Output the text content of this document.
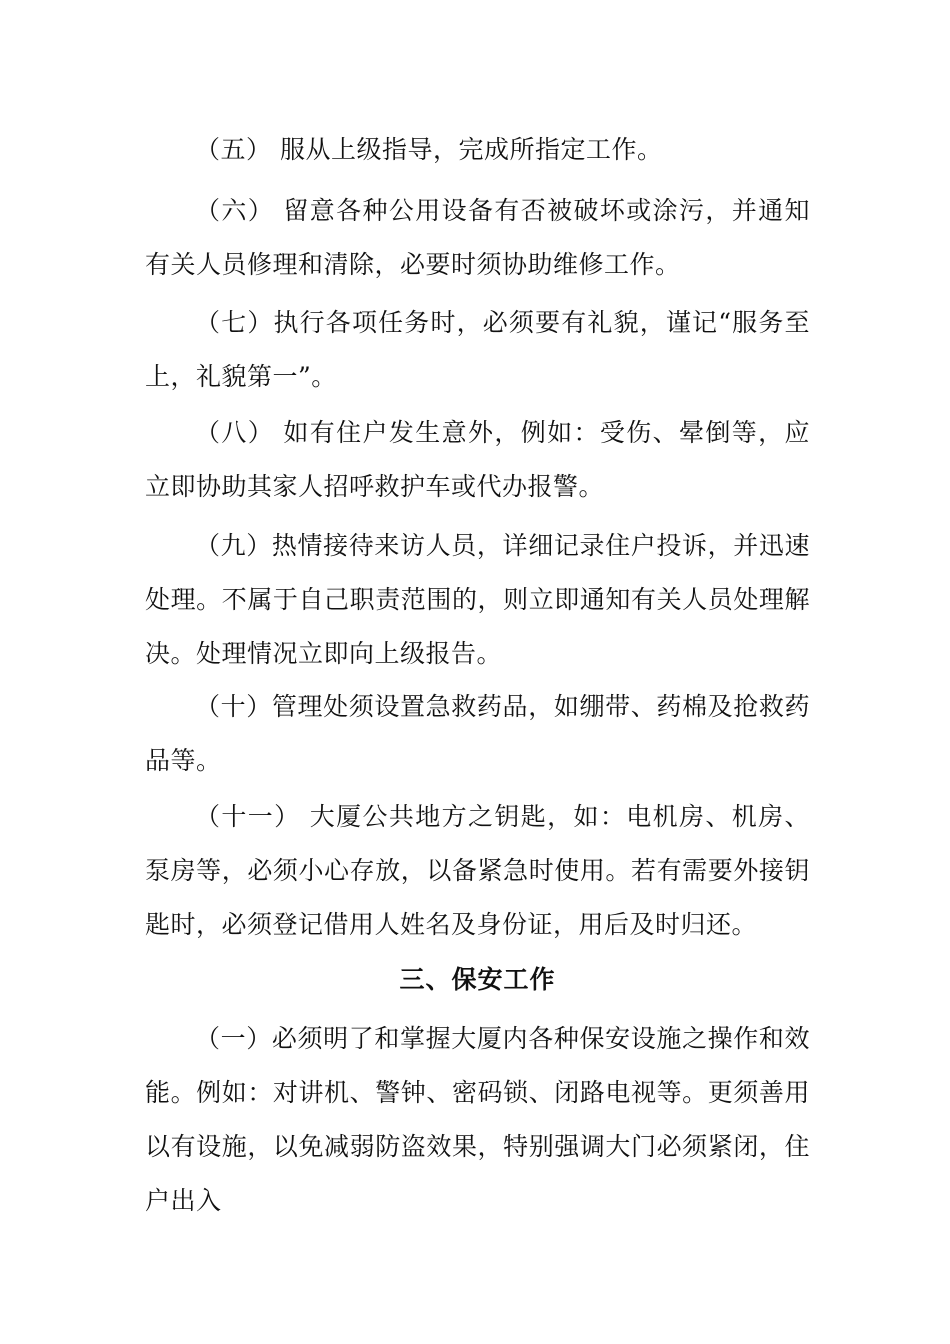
（五） 服从上级指导，完成所指定工作。

（六） 留意各种公用设备有否被破坏或涂污，并通知有关人员修理和清除，必要时须协助维修工作。

（七）执行各项任务时，必须要有礼貌，谨记“服务至上，礼貌第一”。

（八） 如有住户发生意外，例如：受伤、晕倒等，应立即协助其家人招呼救护车或代办报警。

（九）热情接待来访人员，详细记录住户投诉，并迅速处理。不属于自己职责范围的，则立即通知有关人员处理解决。处理情况立即向上级报告。

（十）管理处须设置急救药品，如绷带、药棉及抢救药品等。

（十一） 大厦公共地方之钥匙，如：电机房、机房、泵房等，必须小心存放，以备紧急时使用。若有需要外接钥匙时，必须登记借用人姓名及身份证，用后及时归还。

三、保安工作

（一）必须明了和掌握大厦内各种保安设施之操作和效能。例如：对讲机、警钟、密码锁、闭路电视等。更须善用以有设施，以免减弱防盗效果，特别强调大门必须紧闭，住户出入
